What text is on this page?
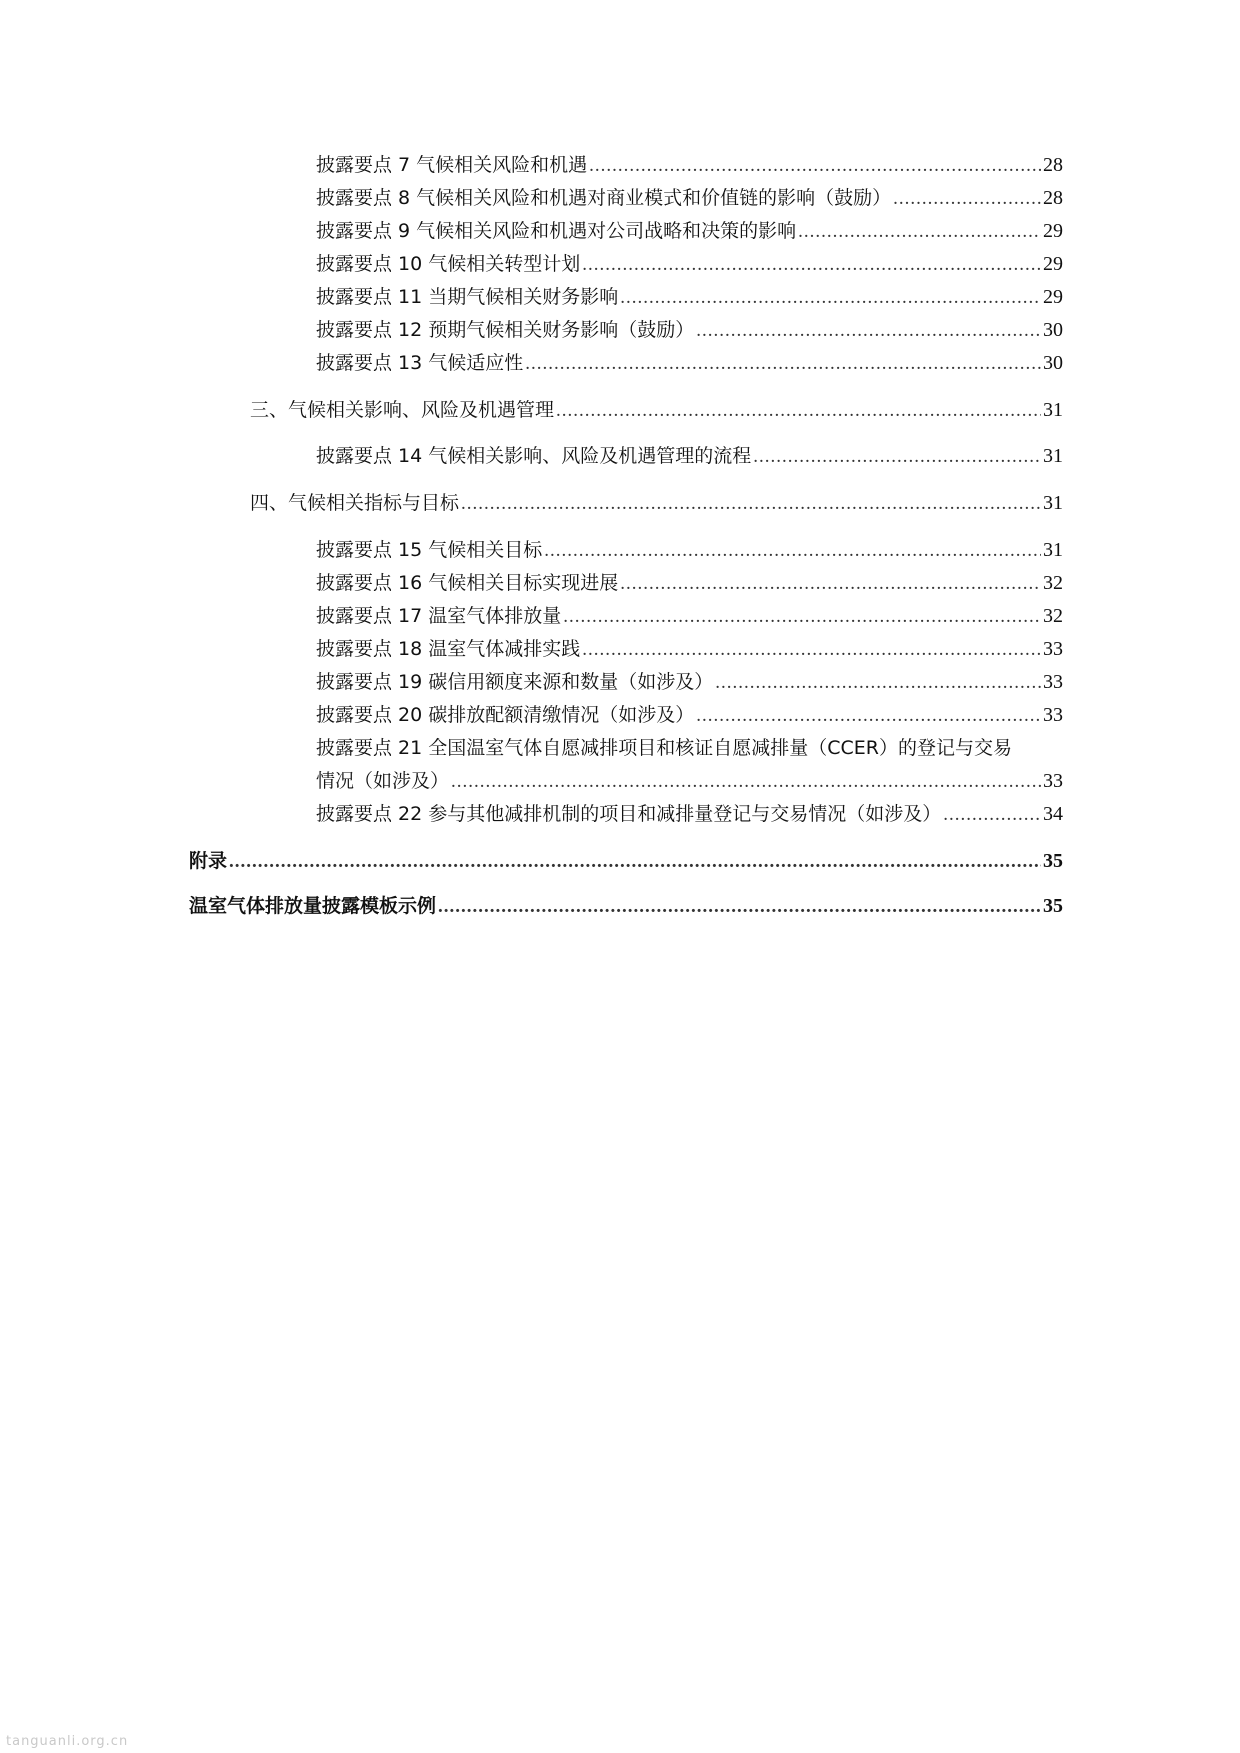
披露要点 7 气候相关风险和机遇 .....	28
披露要点 8 气候相关风险和机遇对商业模式和价值链的影响（鼓励） .....	28
披露要点 9 气候相关风险和机遇对公司战略和决策的影响 .....	29
披露要点 10 气候相关转型计划 .....	29
披露要点 11 当期气候相关财务影响 .....	29
披露要点 12 预期气候相关财务影响（鼓励） .....	30
披露要点 13 气候适应性 .....	30
三、气候相关影响、风险及机遇管理 .....	31
披露要点 14 气候相关影响、风险及机遇管理的流程 .....	31
四、气候相关指标与目标 .....	31
披露要点 15 气候相关目标 .....	31
披露要点 16 气候相关目标实现进展 .....	32
披露要点 17 温室气体排放量 .....	32
披露要点 18 温室气体减排实践 .....	33
披露要点 19 碳信用额度来源和数量（如涉及） .....	33
披露要点 20 碳排放配额清缴情况（如涉及） .....	33
披露要点 21 全国温室气体自愿减排项目和核证自愿减排量（CCER）的登记与交易
情况（如涉及） .....	33
披露要点 22 参与其他减排机制的项目和减排量登记与交易情况（如涉及） .....	34
附录 .....	35
温室气体排放量披露模板示例 .....	35
tanguanli.org.cn
